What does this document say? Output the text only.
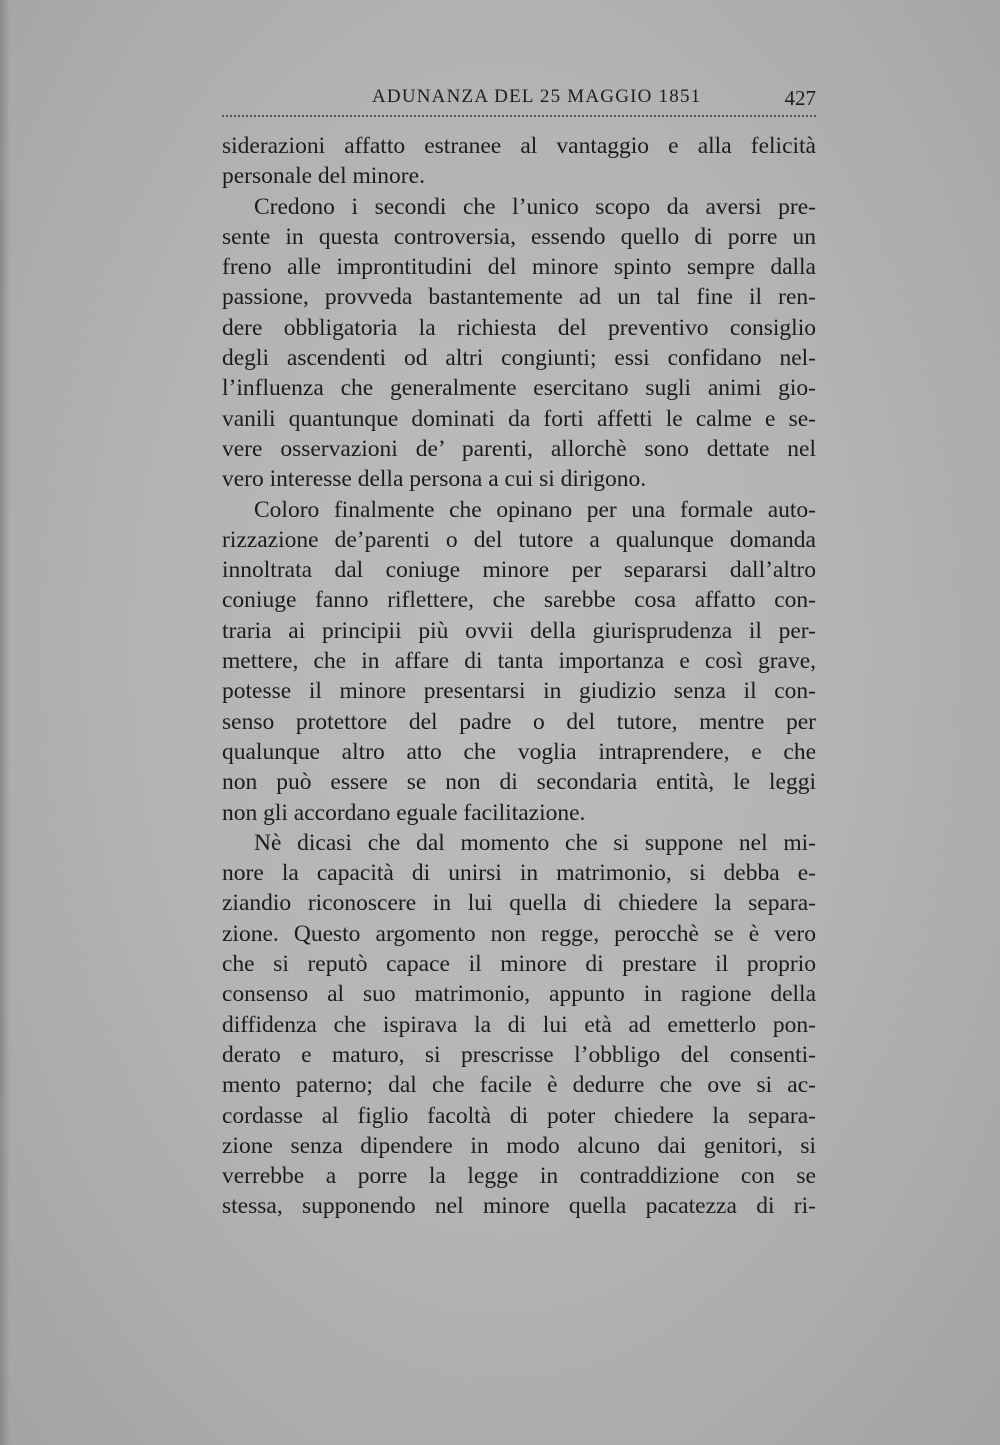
ADUNANZA DEL 25 MAGGIO 1851	427
siderazioni affatto estranee al vantaggio e alla felicità
personale del minore.
Credono i secondi che l’unico scopo da aversi pre-
sente in questa controversia, essendo quello di porre un
freno alle improntitudini del minore spinto sempre dalla
passione, provveda bastantemente ad un tal fine il ren-
dere obbligatoria la richiesta del preventivo consiglio
degli ascendenti od altri congiunti; essi confidano nel-
l’influenza che generalmente esercitano sugli animi gio-
vanili quantunque dominati da forti affetti le calme e se-
vere osservazioni de’ parenti, allorchè sono dettate nel
vero interesse della persona a cui si dirigono.
Coloro finalmente che opinano per una formale auto-
rizzazione de’parenti o del tutore a qualunque domanda
innoltrata dal coniuge minore per separarsi dall’altro
coniuge fanno riflettere, che sarebbe cosa affatto con-
traria ai principii più ovvii della giurisprudenza il per-
mettere, che in affare di tanta importanza e così grave,
potesse il minore presentarsi in giudizio senza il con-
senso protettore del padre o del tutore, mentre per
qualunque altro atto che voglia intraprendere, e che
non può essere se non di secondaria entità, le leggi
non gli accordano eguale facilitazione.
Nè dicasi che dal momento che si suppone nel mi-
nore la capacità di unirsi in matrimonio, si debba e-
ziandio riconoscere in lui quella di chiedere la separa-
zione. Questo argomento non regge, perocchè se è vero
che si reputò capace il minore di prestare il proprio
consenso al suo matrimonio, appunto in ragione della
diffidenza che ispirava la di lui età ad emetterlo pon-
derato e maturo, si prescrisse l’obbligo del consenti-
mento paterno; dal che facile è dedurre che ove si ac-
cordasse al figlio facoltà di poter chiedere la separa-
zione senza dipendere in modo alcuno dai genitori, si
verrebbe a porre la legge in contraddizione con se
stessa, supponendo nel minore quella pacatezza di ri-
